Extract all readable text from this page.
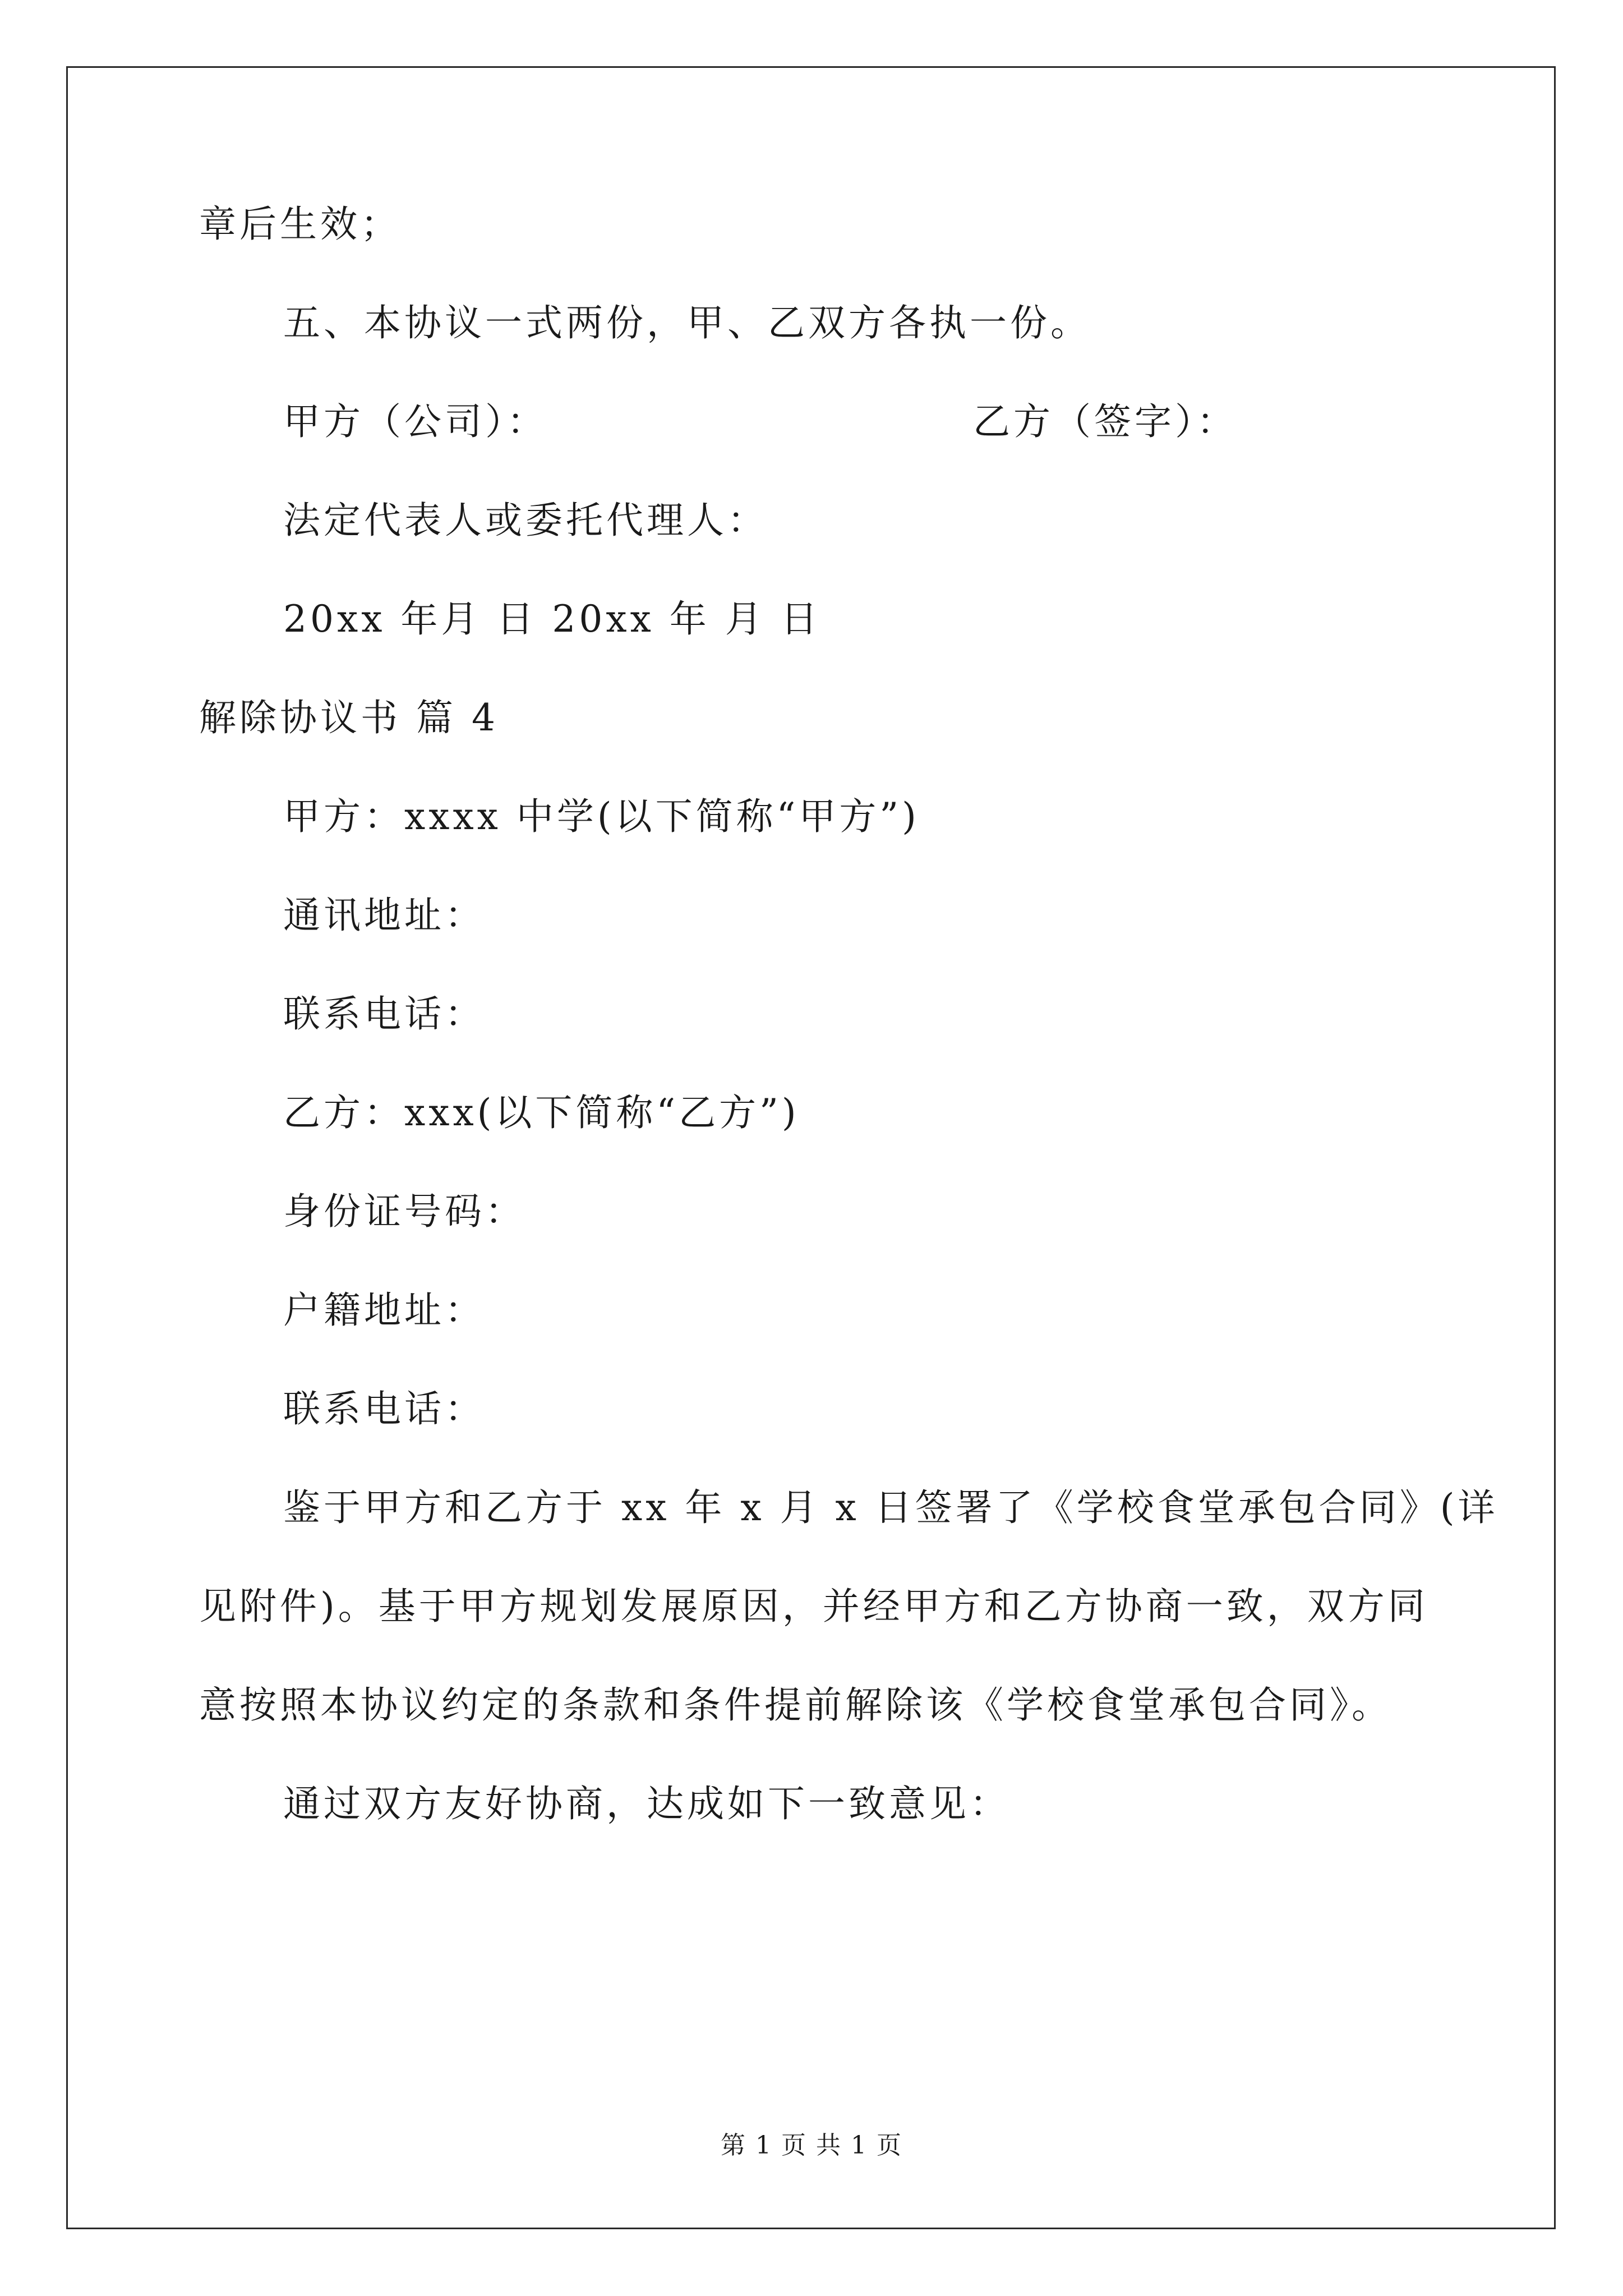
章后生效；
五、本协议一式两份，甲、乙双方各执一份。
甲方（公司）：	乙方（签字）：
法定代表人或委托代理人：
20xx 年月 日 20xx 年 月 日
解除协议书 篇 4
甲方：xxxx 中学(以下简称“甲方”)
通讯地址：
联系电话：
乙方：xxx(以下简称“乙方”)
身份证号码：
户籍地址：
联系电话：
鉴于甲方和乙方于 xx 年 x 月 x 日签署了《学校食堂承包合同》(详
见附件)。基于甲方规划发展原因，并经甲方和乙方协商一致，双方同
意按照本协议约定的条款和条件提前解除该《学校食堂承包合同》。
通过双方友好协商，达成如下一致意见：
第 1 页 共 1 页
